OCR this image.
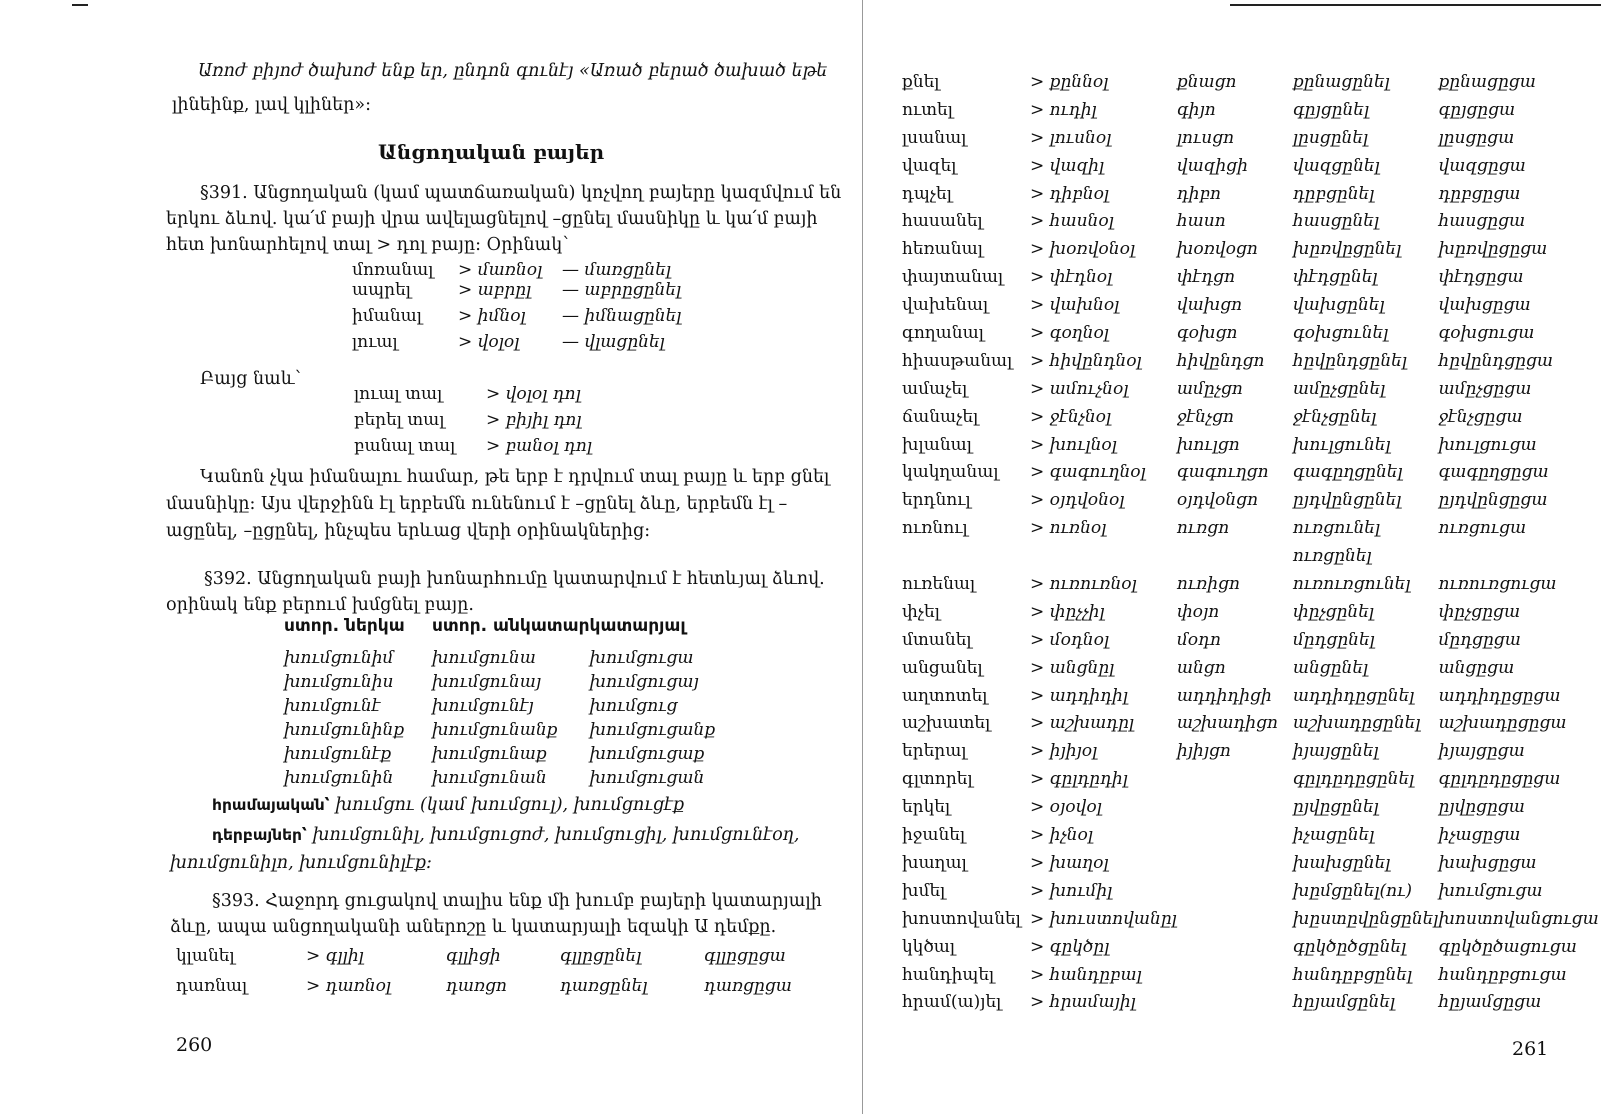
Առոժ բիյոժ ծախոժ ենք եր, ընդոն գունէյ «Առած բերած ծախած եթե
լինեինք, լավ կլիներ»:
Անցողական բայեր
§391. Անցողական (կամ պատճառական) կոչվող բայերը կազմվում են
երկու ձևով. կա՛մ բայի վրա ավելացնելով –ցընել մասնիկը և կա՛մ բայի
հետ խոնարհելով տալ > դոլ բայը: Օրինակ՝
մոռանալ	> մառնօլ	— մառցընել
ապրել	> աբրըլ	— աբրըցընել
իմանալ	> իմնօլ	— իմնացընել
լուալ	> վօլօլ	— վլացընել
Բայց նաև՝
լուալ տալ	> վօլօլ դոլ
բերել տալ	> բիյիլ դոլ
բանալ տալ	> բանօլ դոլ
Կանոն չկա իմանալու համար, թե երբ է դրվում տալ բայը և երբ ցնել
մասնիկը: Այս վերջինն էլ երբեմն ունենում է –ցընել ձևը, երբեմն էլ –
ացընել, –ըցընել, ինչպես երևաց վերի օրինակներից:
§392. Անցողական բայի խոնարհումը կատարվում է հետևյալ ձևով.
օրինակ ենք բերում խմցնել բայը.
ստոր. ներկա	ստոր. անկատար	կատարյալ
խումցունիմ	խումցունա	խումցուցա
խումցունիս	խումցունայ	խումցուցայ
խումցունէ	խումցունէյ	խումցուց
խումցունինք	խումցունանք	խումցուցանք
խումցունէք	խումցունաք	խումցուցաք
խումցունին	խումցունան	խումցուցան
հրամայական՝ խումցու (կամ խումցուլ), խումցուցէք
դերբայներ՝ խումցունիլ, խումցուցոժ, խումցուցիլ, խումցունէօղ,
խումցունիլո, խումցունիլէք:
§393. Հաջորդ ցուցակով տալիս ենք մի խումբ բայերի կատարյալի
ձևը, ապա անցողականի աներոշը և կատարյալի եզակի Ա դեմքը.
կլանել	> գլլիլ	գլլիցի	գլլըցընել	գլլըցըցա
դառնալ	> դառնօլ	դառցո	դառցընել	դառցըցա
260
քնել	> քըննօլ	քնացո	քընացընել	քընացըցա
ուտել	> ուդիլ	գիյո	գըյցընել	գըյցըցա
լսանալ	> լուսնօլ	լուսցո	լըսցընել	լըսցըցա
վազել	> վազիլ	վազիցի	վազցընել	վազցըցա
դպչել	> դիբնօլ	դիբո	դըբցընել	դըբցըցա
հասանել	> հասնօլ	հասո	հասցընել	հասցըցա
հեռանալ	> խօռվօնօլ	խօռվօցո	խըռվըցընել	խըռվըցըցա
փայտանալ	> փէդնօլ	փէդցո	փէդցընել	փէդցըցա
վախենալ	> վախնօլ	վախցո	վախցընել	վախցըցա
գողանալ	> գօղնօլ	գօխցո	գօխցունել	գօխցուցա
հիասթանալ	> հիվընդնօլ	հիվընդցո	հըվընդցընել	հըվընդցըցա
ամաչել	> ամուչնօլ	ամըչցո	ամըչցընել	ամըչցըցա
ճանաչել	> ջէնչնօլ	ջէնչցո	ջէնչցընել	ջէնչցըցա
խլանալ	> խուլնօլ	խուլցո	խուլցունել	խուլցուցա
կակղանալ	> գագուղնօլ	գագուղցո	գագըղցընել	գագըղցըցա
երդնուլ	> օյդվօնօլ	օյդվօնցո	ըյդվընցընել	ըյդվընցըցա
ուռնուլ	> ուռնօլ	ուռցո	ուռցունել	ուռցուցա
			ուռցընել	
ուռենալ	> ուռուռնօլ	ուռիցո	ուռուռցունել	ուռուռցուցա
փչել	> փըչչիլ	փօյո	փըչցընել	փըչցըցա
մտանել	> մօդնօլ	մօդո	մըդցընել	մըդցըցա
անցանել	> անցնըլ	անցո	անցընել	անցըցա
աղտոտել	> ադդիդիլ	ադդիդիցի	ադդիդըցընել	ադդիդըցըցա
աշխատել	> աշխադըլ	աշխադիցո	աշխադըցընել	աշխադըցըցա
երերալ	> իյիյօլ	իյիյցո	իյայցընել	իյայցըցա
գլտորել	> գըլդըդիլ		գըլդըդըցընել	գըլդըդըցըցա
երկել	> օյօվօլ		ըյվըցընել	ըյվըցըցա
իջանել	> իչնօլ		իչացընել	իչացըցա
խաղալ	> խաղօլ		խախցընել	խախցըցա
խմել	> խումիլ		խըմցընել(ու)	խումցուցա
խոստովանել	> խուստովանըլ		խըստըվընցընել	խոստովանցուցա
կկծալ	> գըկծըլ		գըկծըծցընել	գըկծըծացուցա
հանդիպել	> հանդըբալ		հանդըբցընել	հանդըբցուցա
հրամ(ա)յել	> հրամայիլ		հըյամցընել	հըյամցըցա
261
